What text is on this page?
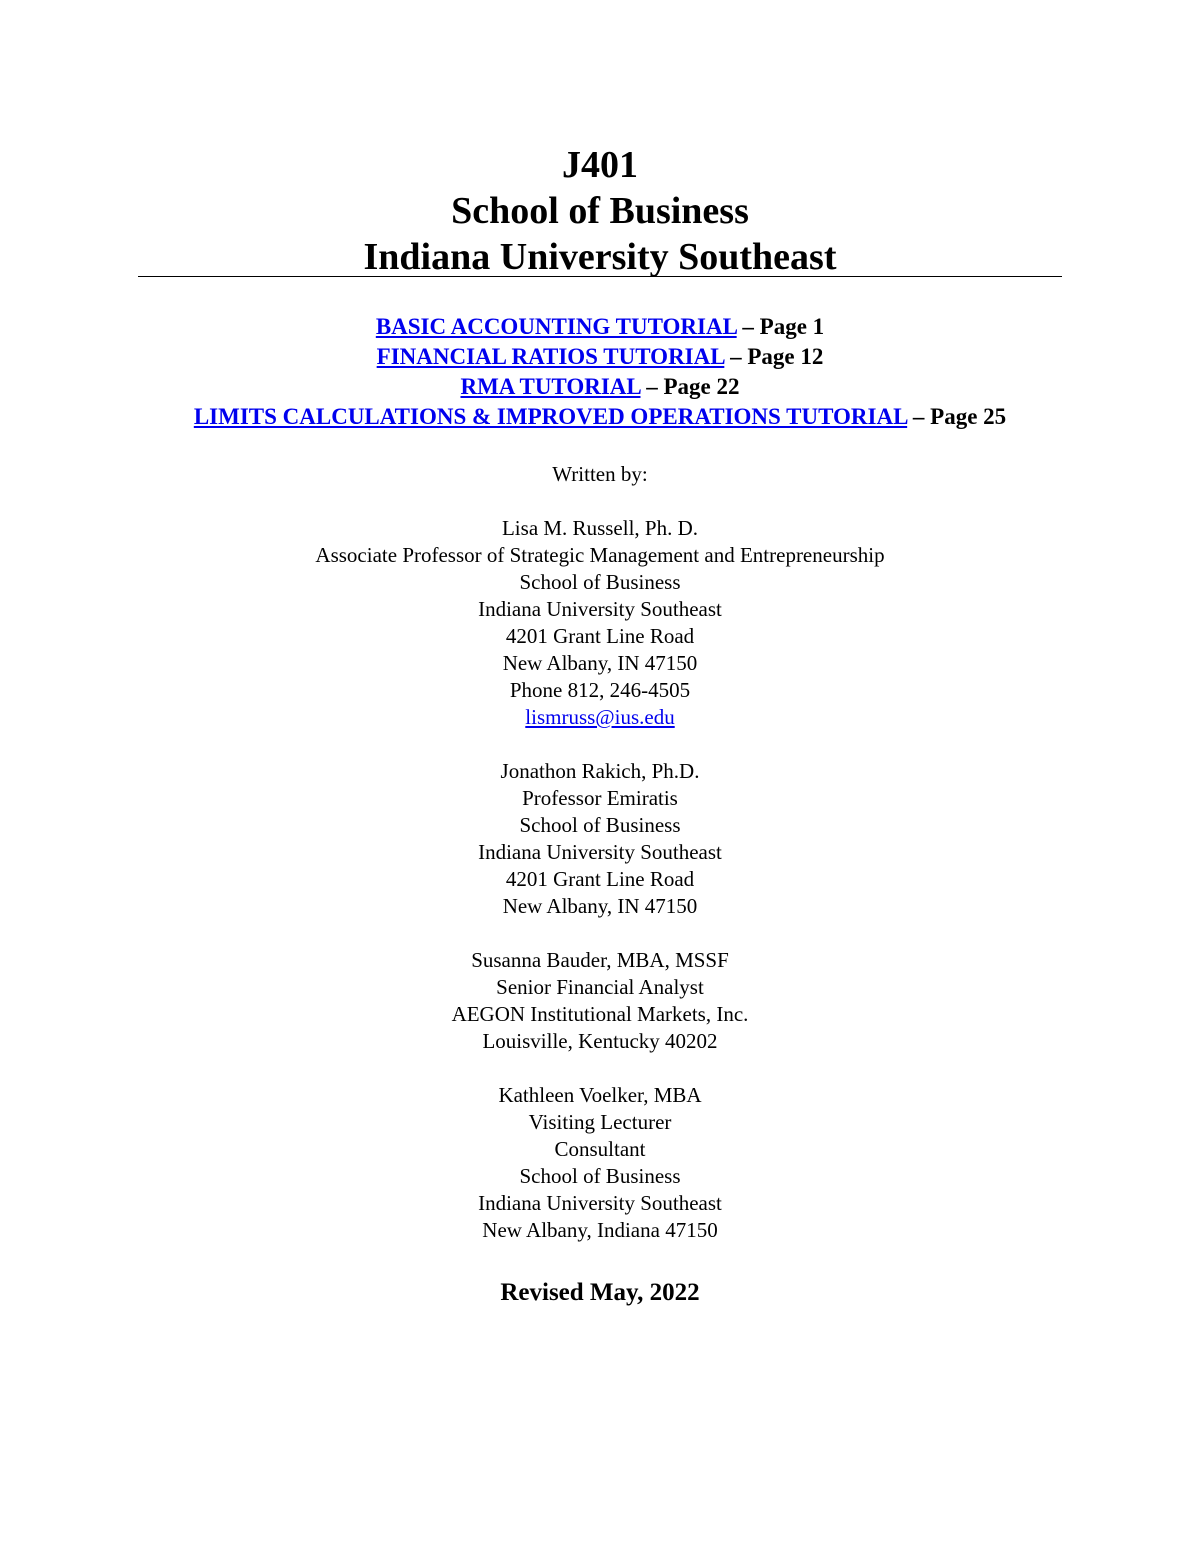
J401
School of Business
Indiana University Southeast
BASIC ACCOUNTING TUTORIAL – Page 1
FINANCIAL RATIOS TUTORIAL – Page 12
RMA TUTORIAL – Page 22
LIMITS CALCULATIONS & IMPROVED OPERATIONS TUTORIAL – Page 25
Written by:
Lisa M. Russell, Ph. D.
Associate Professor of Strategic Management and Entrepreneurship
School of Business
Indiana University Southeast
4201 Grant Line Road
New Albany, IN 47150
Phone 812, 246-4505
lismruss@ius.edu
Jonathon Rakich, Ph.D.
Professor Emiratis
School of Business
Indiana University Southeast
4201 Grant Line Road
New Albany, IN 47150
Susanna Bauder, MBA, MSSF
Senior Financial Analyst
AEGON Institutional Markets, Inc.
Louisville, Kentucky 40202
Kathleen Voelker, MBA
Visiting Lecturer
Consultant
School of Business
Indiana University Southeast
New Albany, Indiana 47150
Revised May, 2022
